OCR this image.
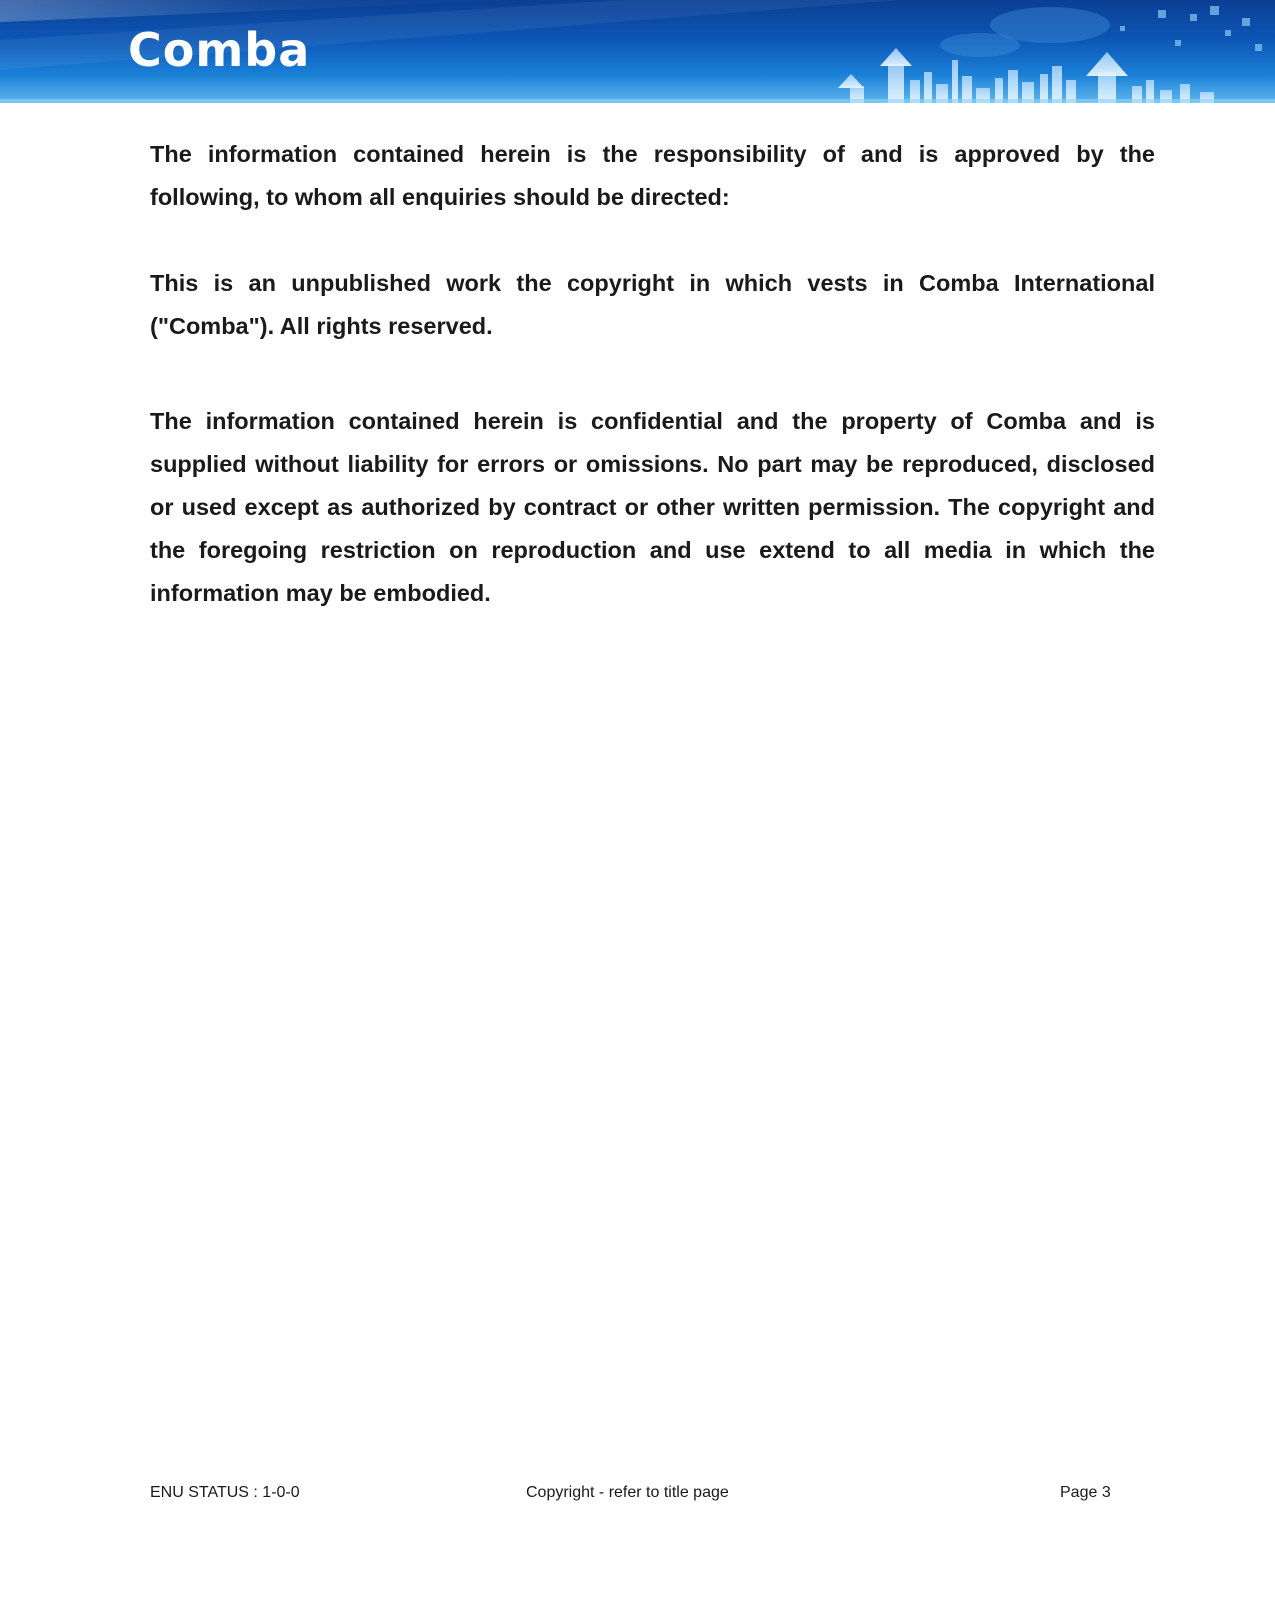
Comba

The information contained herein is the responsibility of and is approved by the following, to whom all enquiries should be directed:

This is an unpublished work the copyright in which vests in Comba International ("Comba"). All rights reserved.

The information contained herein is confidential and the property of Comba and is supplied without liability for errors or omissions. No part may be reproduced, disclosed or used except as authorized by contract or other written permission. The copyright and the foregoing restriction on reproduction and use extend to all media in which the information may be embodied.

ENU STATUS : 1-0-0	Copyright - refer to title page	Page 3
